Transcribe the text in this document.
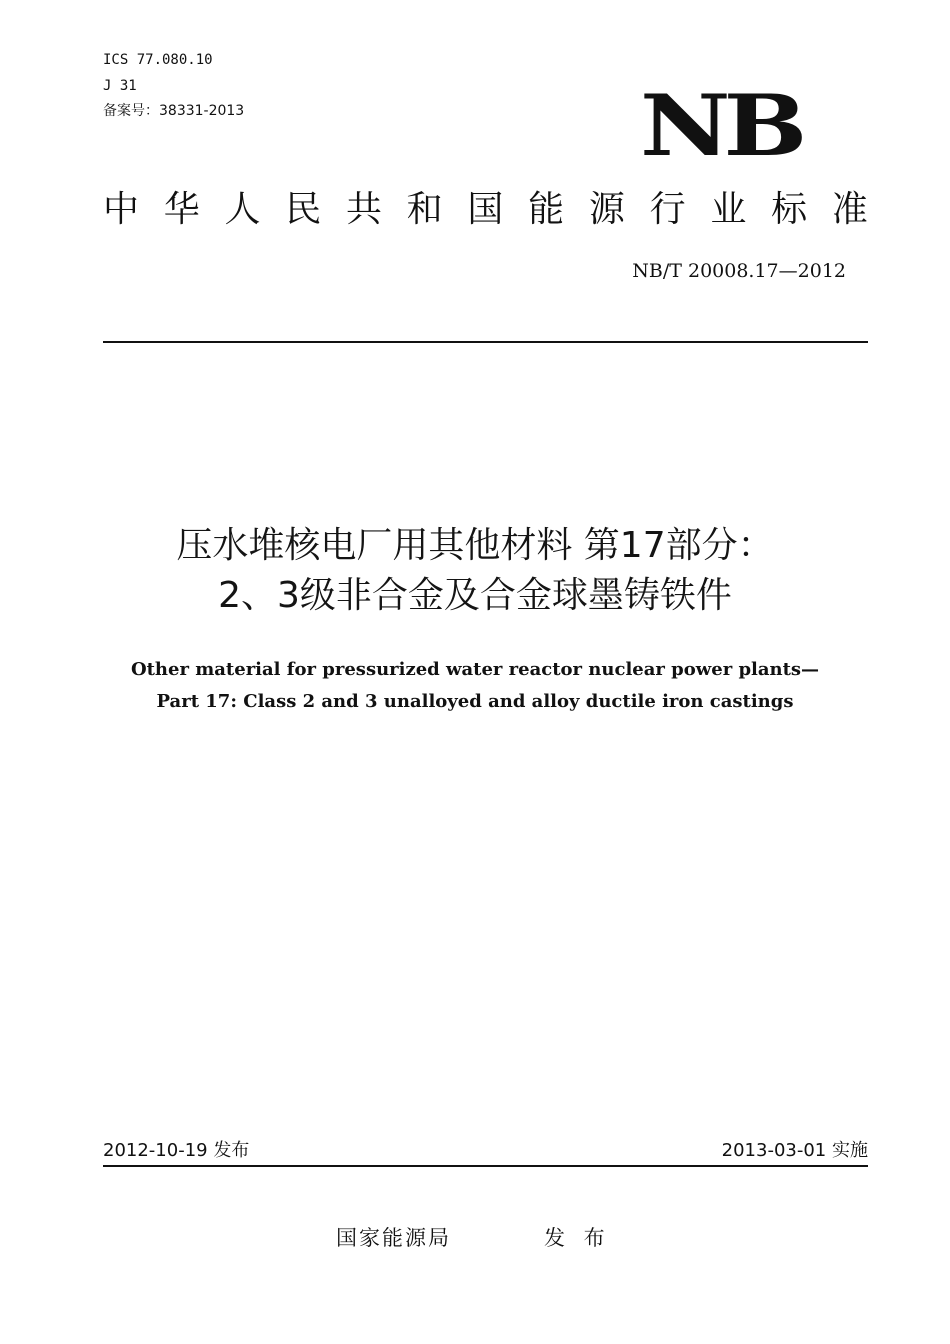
ICS 77.080.10
J 31
备案号：38331-2013	NB
中 华 人 民 共 和 国 能 源 行 业 标 准
NB/T 20008.17—2012
压水堆核电厂用其他材料 第17部分：
2、3级非合金及合金球墨铸铁件
Other material for pressurized water reactor nuclear power plants—
Part 17: Class 2 and 3 unalloyed and alloy ductile iron castings
2012-10-19 发布	2013-03-01 实施
国家能源局	发 布
